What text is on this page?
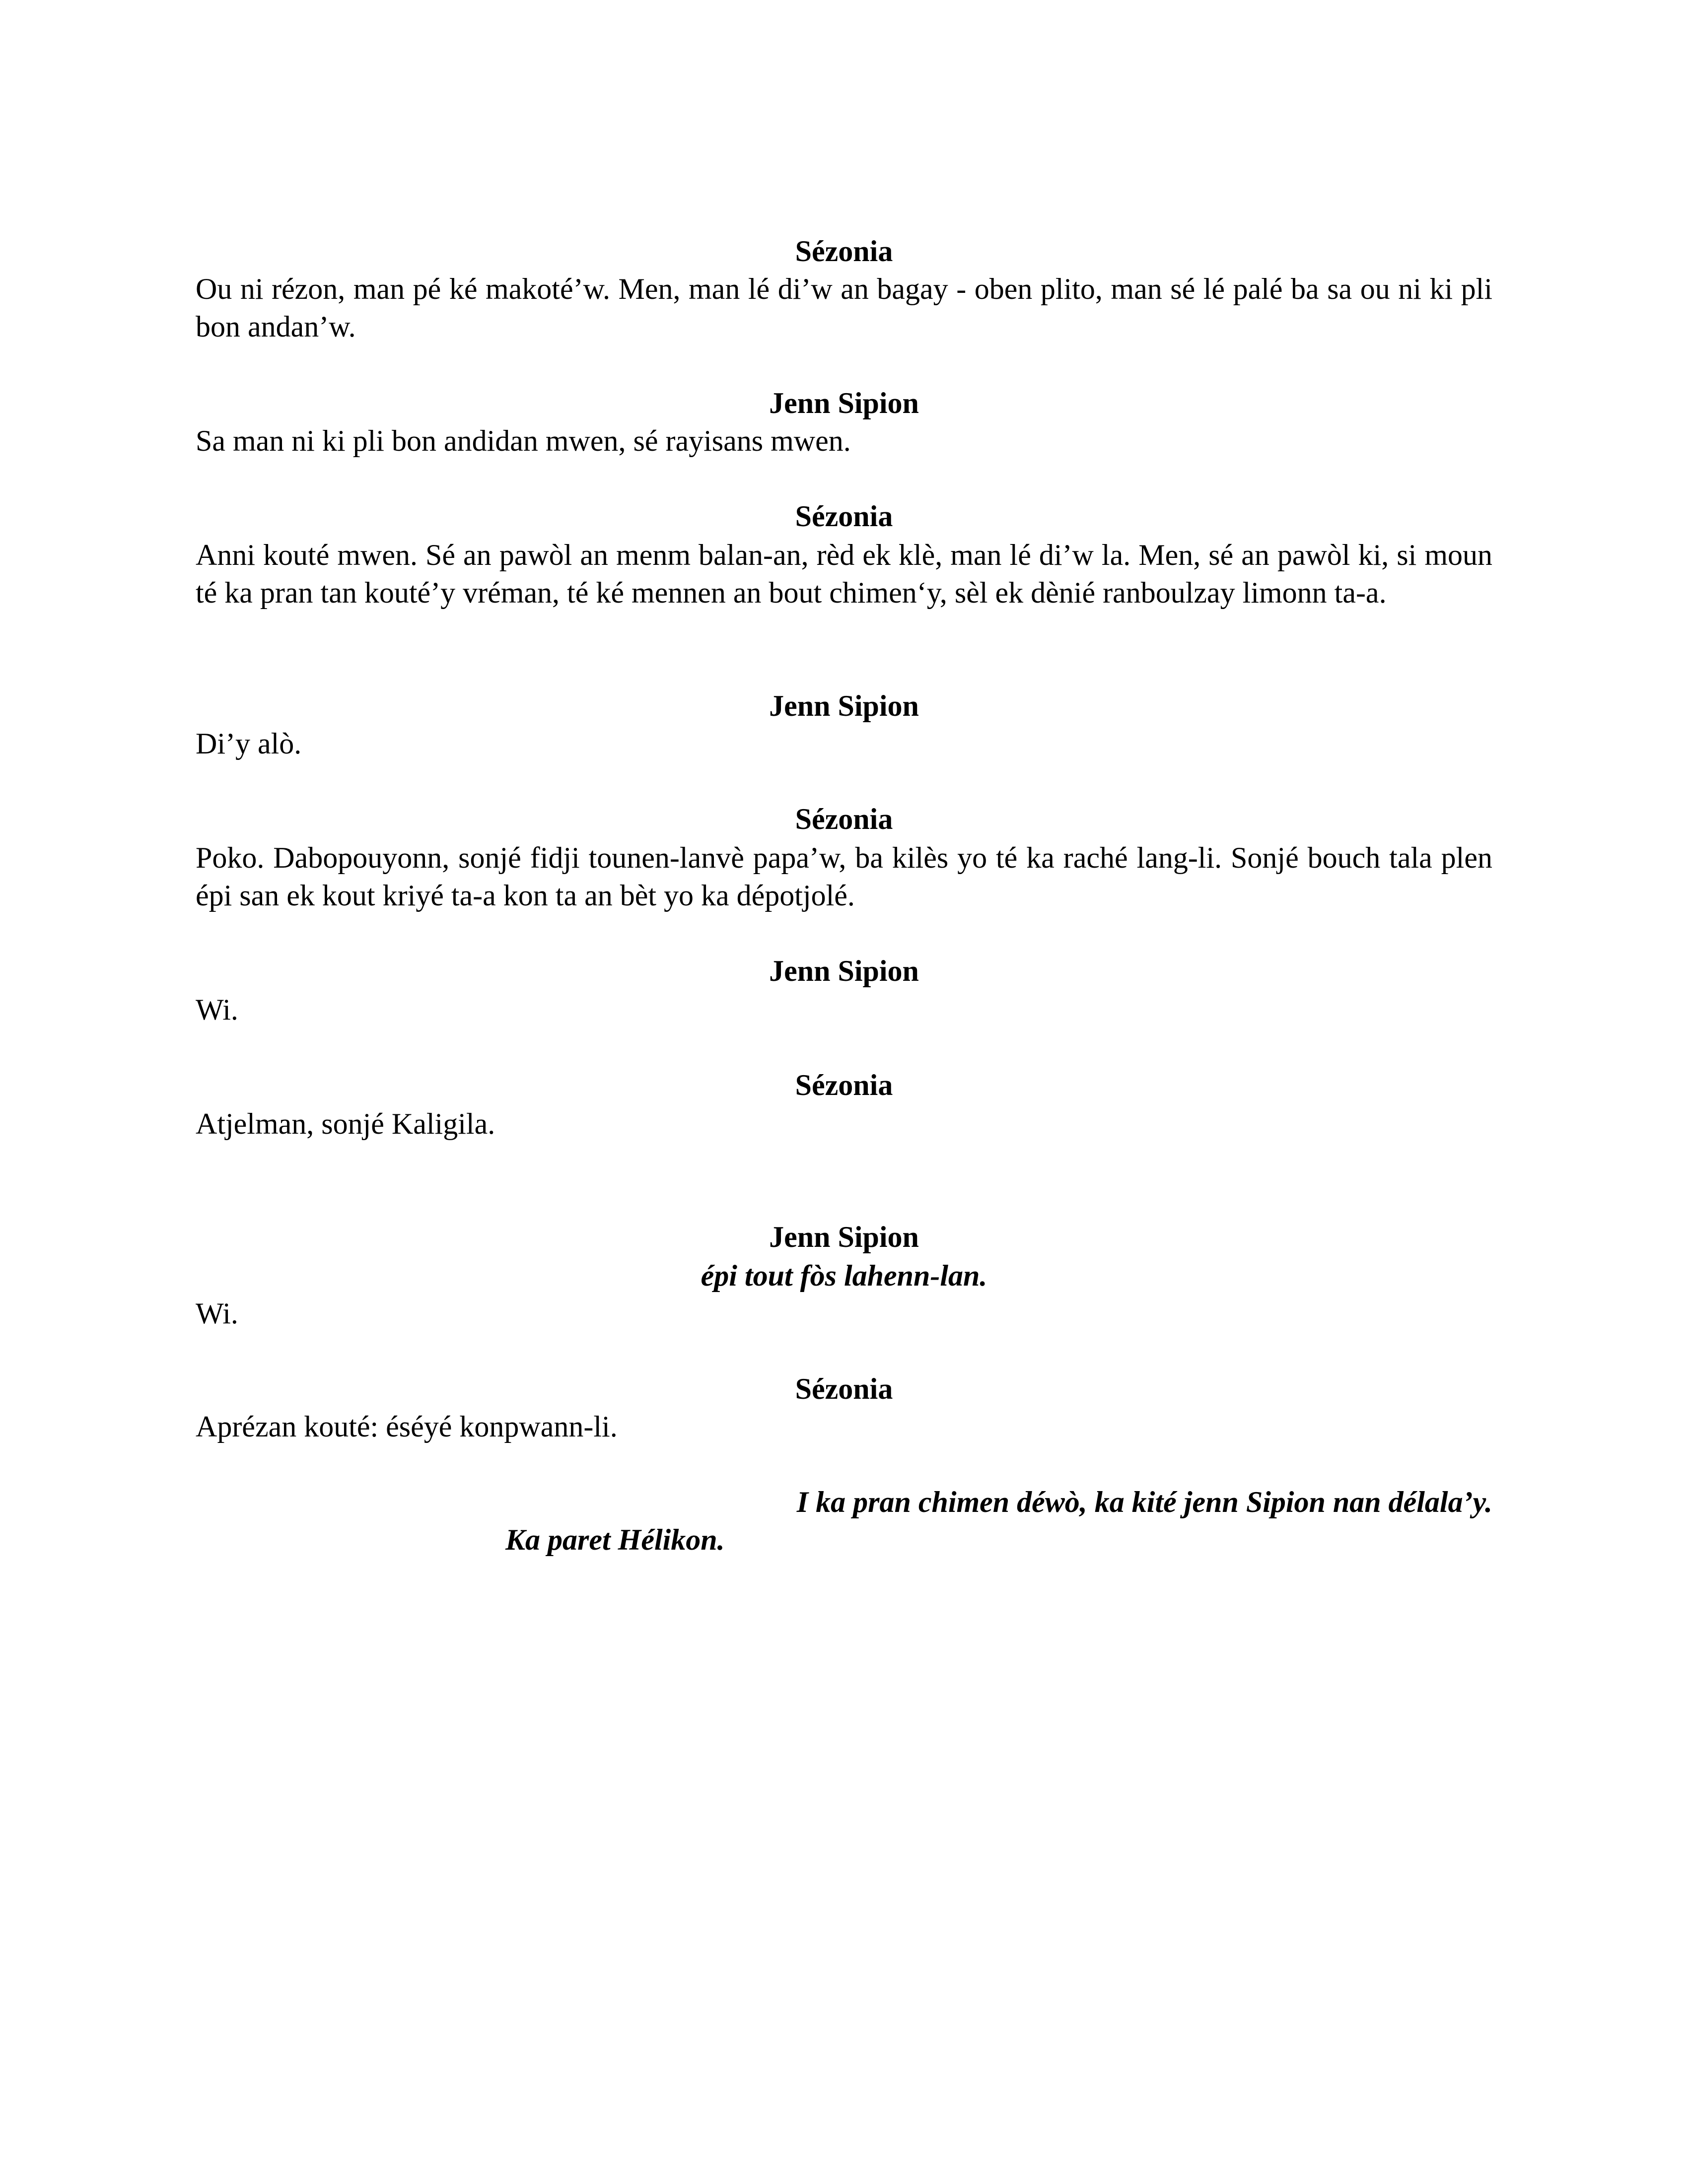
Sézonia
Ou ni rézon, man pé ké makoté’w. Men, man lé di’w an bagay - oben plito, man sé lé palé ba sa ou ni ki pli bon andan’w.
Jenn Sipion
Sa man ni ki pli bon andidan mwen, sé rayisans mwen.
Sézonia
Anni kouté mwen. Sé an pawòl an menm balan-an, rèd ek klè, man lé di’w la. Men, sé an pawòl ki, si moun té ka pran tan kouté’y vréman, té ké mennen an bout chimen‘y, sèl ek dènié ranboulzay limonn ta-a.
Jenn Sipion
Di’y alò.
Sézonia
Poko. Dabopouyonn, sonjé fidji tounen-lanvè papa’w, ba kilès yo té ka raché lang-li. Sonjé bouch tala plen épi san ek kout kriyé ta-a kon ta an bèt yo ka dépotjolé.
Jenn Sipion
Wi.
Sézonia
Atjelman, sonjé Kaligila.
Jenn Sipion
épi tout fòs lahenn-lan.
Wi.
Sézonia
Aprézan kouté: éséyé konpwann-li.
I ka pran chimen déwò, ka kité jenn Sipion nan délala’y.
Ka paret Hélikon.
